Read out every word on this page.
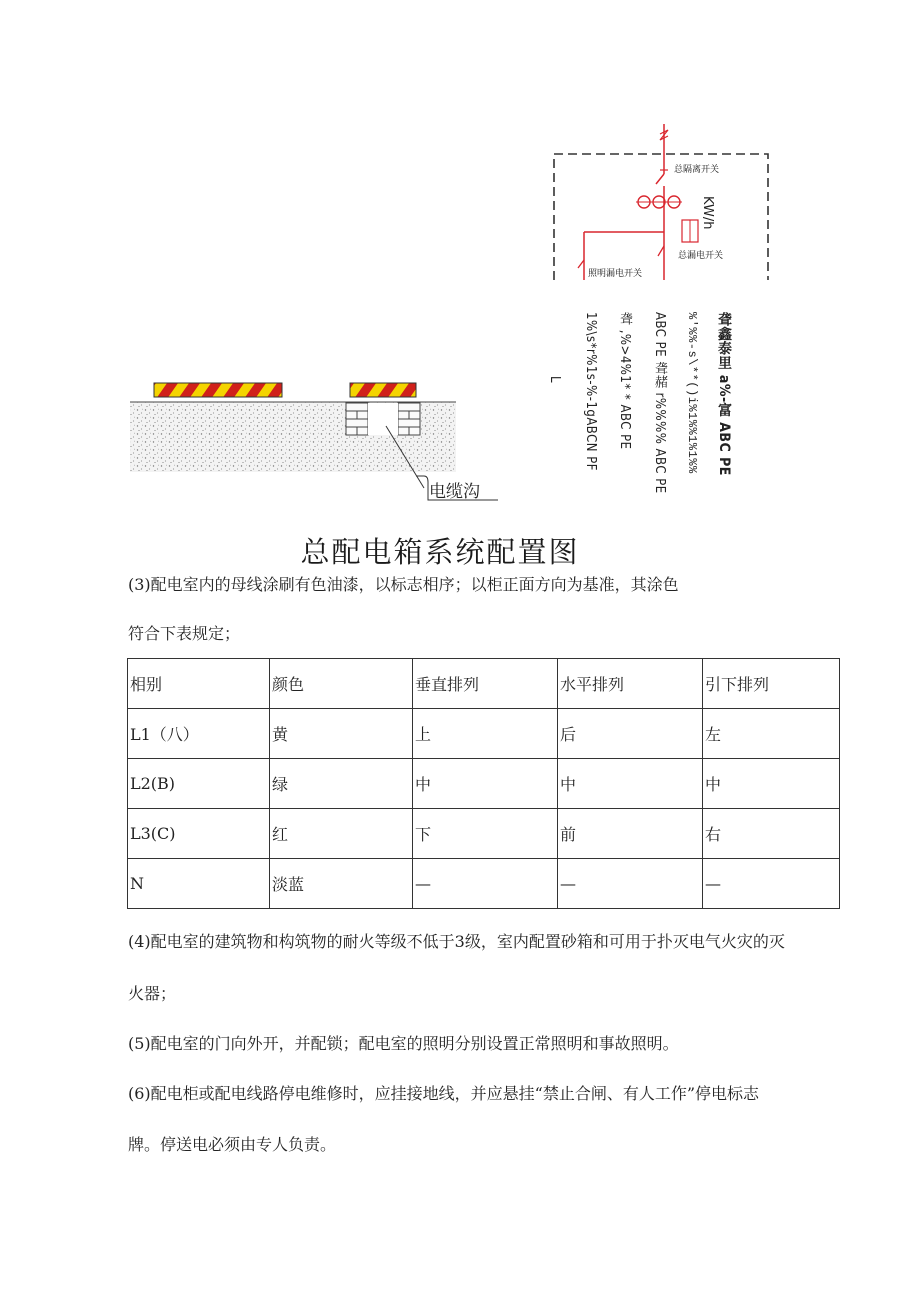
电缆沟
总隔离开关
KW/h
总漏电开关
照明漏电开关
聋鑫泰里 a%-富 ABC PE
%'%%-s\**()i%1%%1%1%%
ABC PE 聋赭 r%%%% ABC PE
聋 ,%>4%1* * ABC PE
1%\s*r%1s-%-1gABCN PF
L
总配电箱系统配置图
(3)配电室内的母线涂刷有色油漆，以标志相序；以柜正面方向为基准，其涂色
符合下表规定；
相别	颜色	垂直排列	水平排列	引下排列
L1（八）	黄	上	后	左
L2(B)	绿	中	中	中
L3(C)	红	下	前	右
N	淡蓝	—	—	—
(4)配电室的建筑物和构筑物的耐火等级不低于3级，室内配置砂箱和可用于扑灭电气火灾的灭
火器；
(5)配电室的门向外开，并配锁；配电室的照明分别设置正常照明和事故照明。
(6)配电柜或配电线路停电维修时，应挂接地线，并应悬挂“禁止合闸、有人工作”停电标志
牌。停送电必须由专人负责。
